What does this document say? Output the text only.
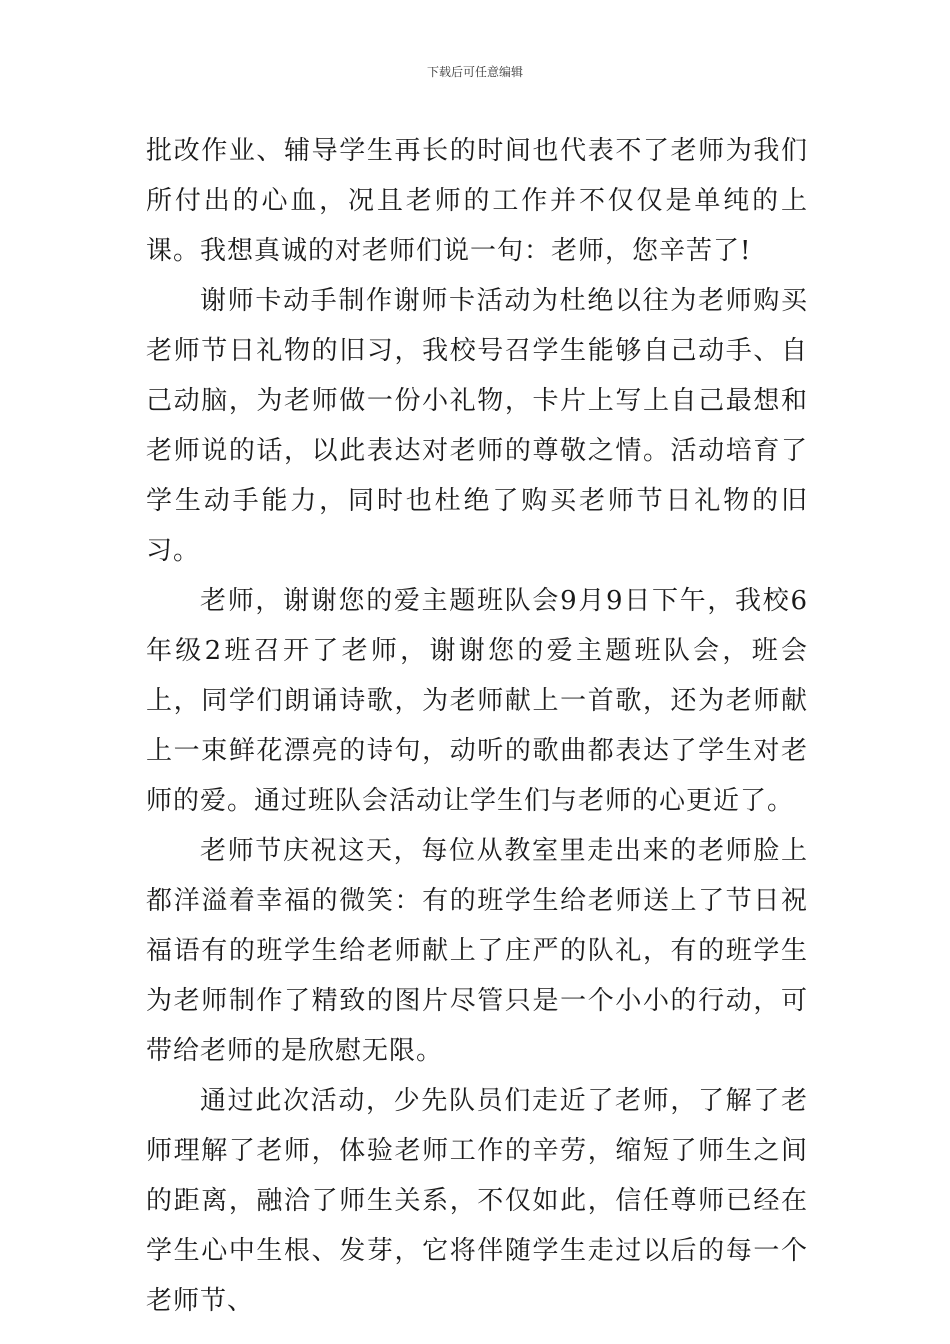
下载后可任意编辑

批改作业、辅导学生再长的时间也代表不了老师为我们所付出的心血，况且老师的工作并不仅仅是单纯的上课。我想真诚的对老师们说一句：老师，您辛苦了!

谢师卡动手制作谢师卡活动为杜绝以往为老师购买老师节日礼物的旧习，我校号召学生能够自己动手、自己动脑，为老师做一份小礼物，卡片上写上自己最想和老师说的话，以此表达对老师的尊敬之情。活动培育了学生动手能力，同时也杜绝了购买老师节日礼物的旧习。

老师，谢谢您的爱主题班队会9月9日下午，我校6年级2班召开了老师，谢谢您的爱主题班队会，班会上，同学们朗诵诗歌，为老师献上一首歌，还为老师献上一束鲜花漂亮的诗句，动听的歌曲都表达了学生对老师的爱。通过班队会活动让学生们与老师的心更近了。

老师节庆祝这天，每位从教室里走出来的老师脸上都洋溢着幸福的微笑：有的班学生给老师送上了节日祝福语有的班学生给老师献上了庄严的队礼，有的班学生为老师制作了精致的图片尽管只是一个小小的行动，可带给老师的是欣慰无限。

通过此次活动，少先队员们走近了老师，了解了老师理解了老师，体验老师工作的辛劳，缩短了师生之间的距离，融洽了师生关系，不仅如此，信任尊师已经在学生心中生根、发芽，它将伴随学生走过以后的每一个老师节、
